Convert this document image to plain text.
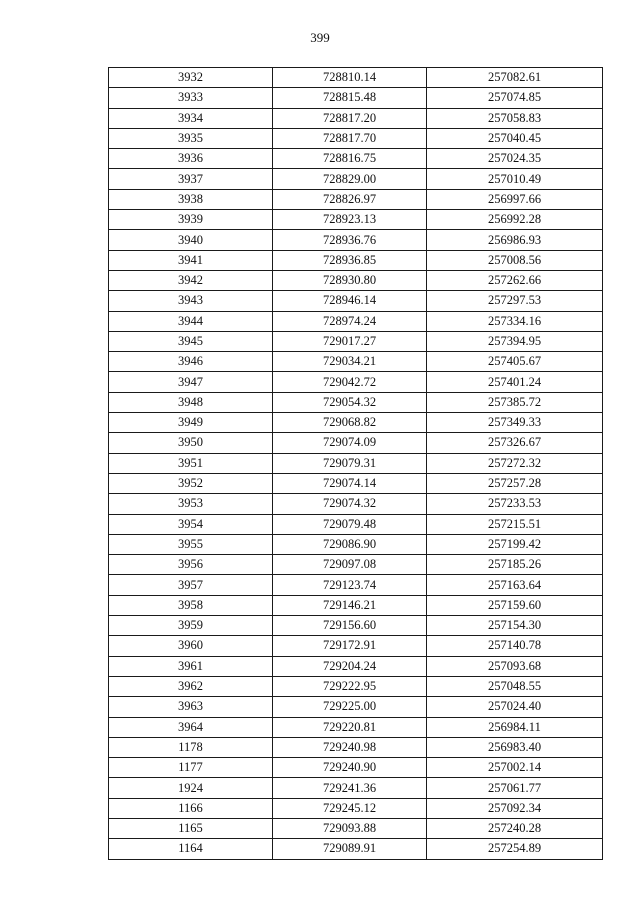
399
3932	728810.14	257082.61
3933	728815.48	257074.85
3934	728817.20	257058.83
3935	728817.70	257040.45
3936	728816.75	257024.35
3937	728829.00	257010.49
3938	728826.97	256997.66
3939	728923.13	256992.28
3940	728936.76	256986.93
3941	728936.85	257008.56
3942	728930.80	257262.66
3943	728946.14	257297.53
3944	728974.24	257334.16
3945	729017.27	257394.95
3946	729034.21	257405.67
3947	729042.72	257401.24
3948	729054.32	257385.72
3949	729068.82	257349.33
3950	729074.09	257326.67
3951	729079.31	257272.32
3952	729074.14	257257.28
3953	729074.32	257233.53
3954	729079.48	257215.51
3955	729086.90	257199.42
3956	729097.08	257185.26
3957	729123.74	257163.64
3958	729146.21	257159.60
3959	729156.60	257154.30
3960	729172.91	257140.78
3961	729204.24	257093.68
3962	729222.95	257048.55
3963	729225.00	257024.40
3964	729220.81	256984.11
1178	729240.98	256983.40
1177	729240.90	257002.14
1924	729241.36	257061.77
1166	729245.12	257092.34
1165	729093.88	257240.28
1164	729089.91	257254.89
